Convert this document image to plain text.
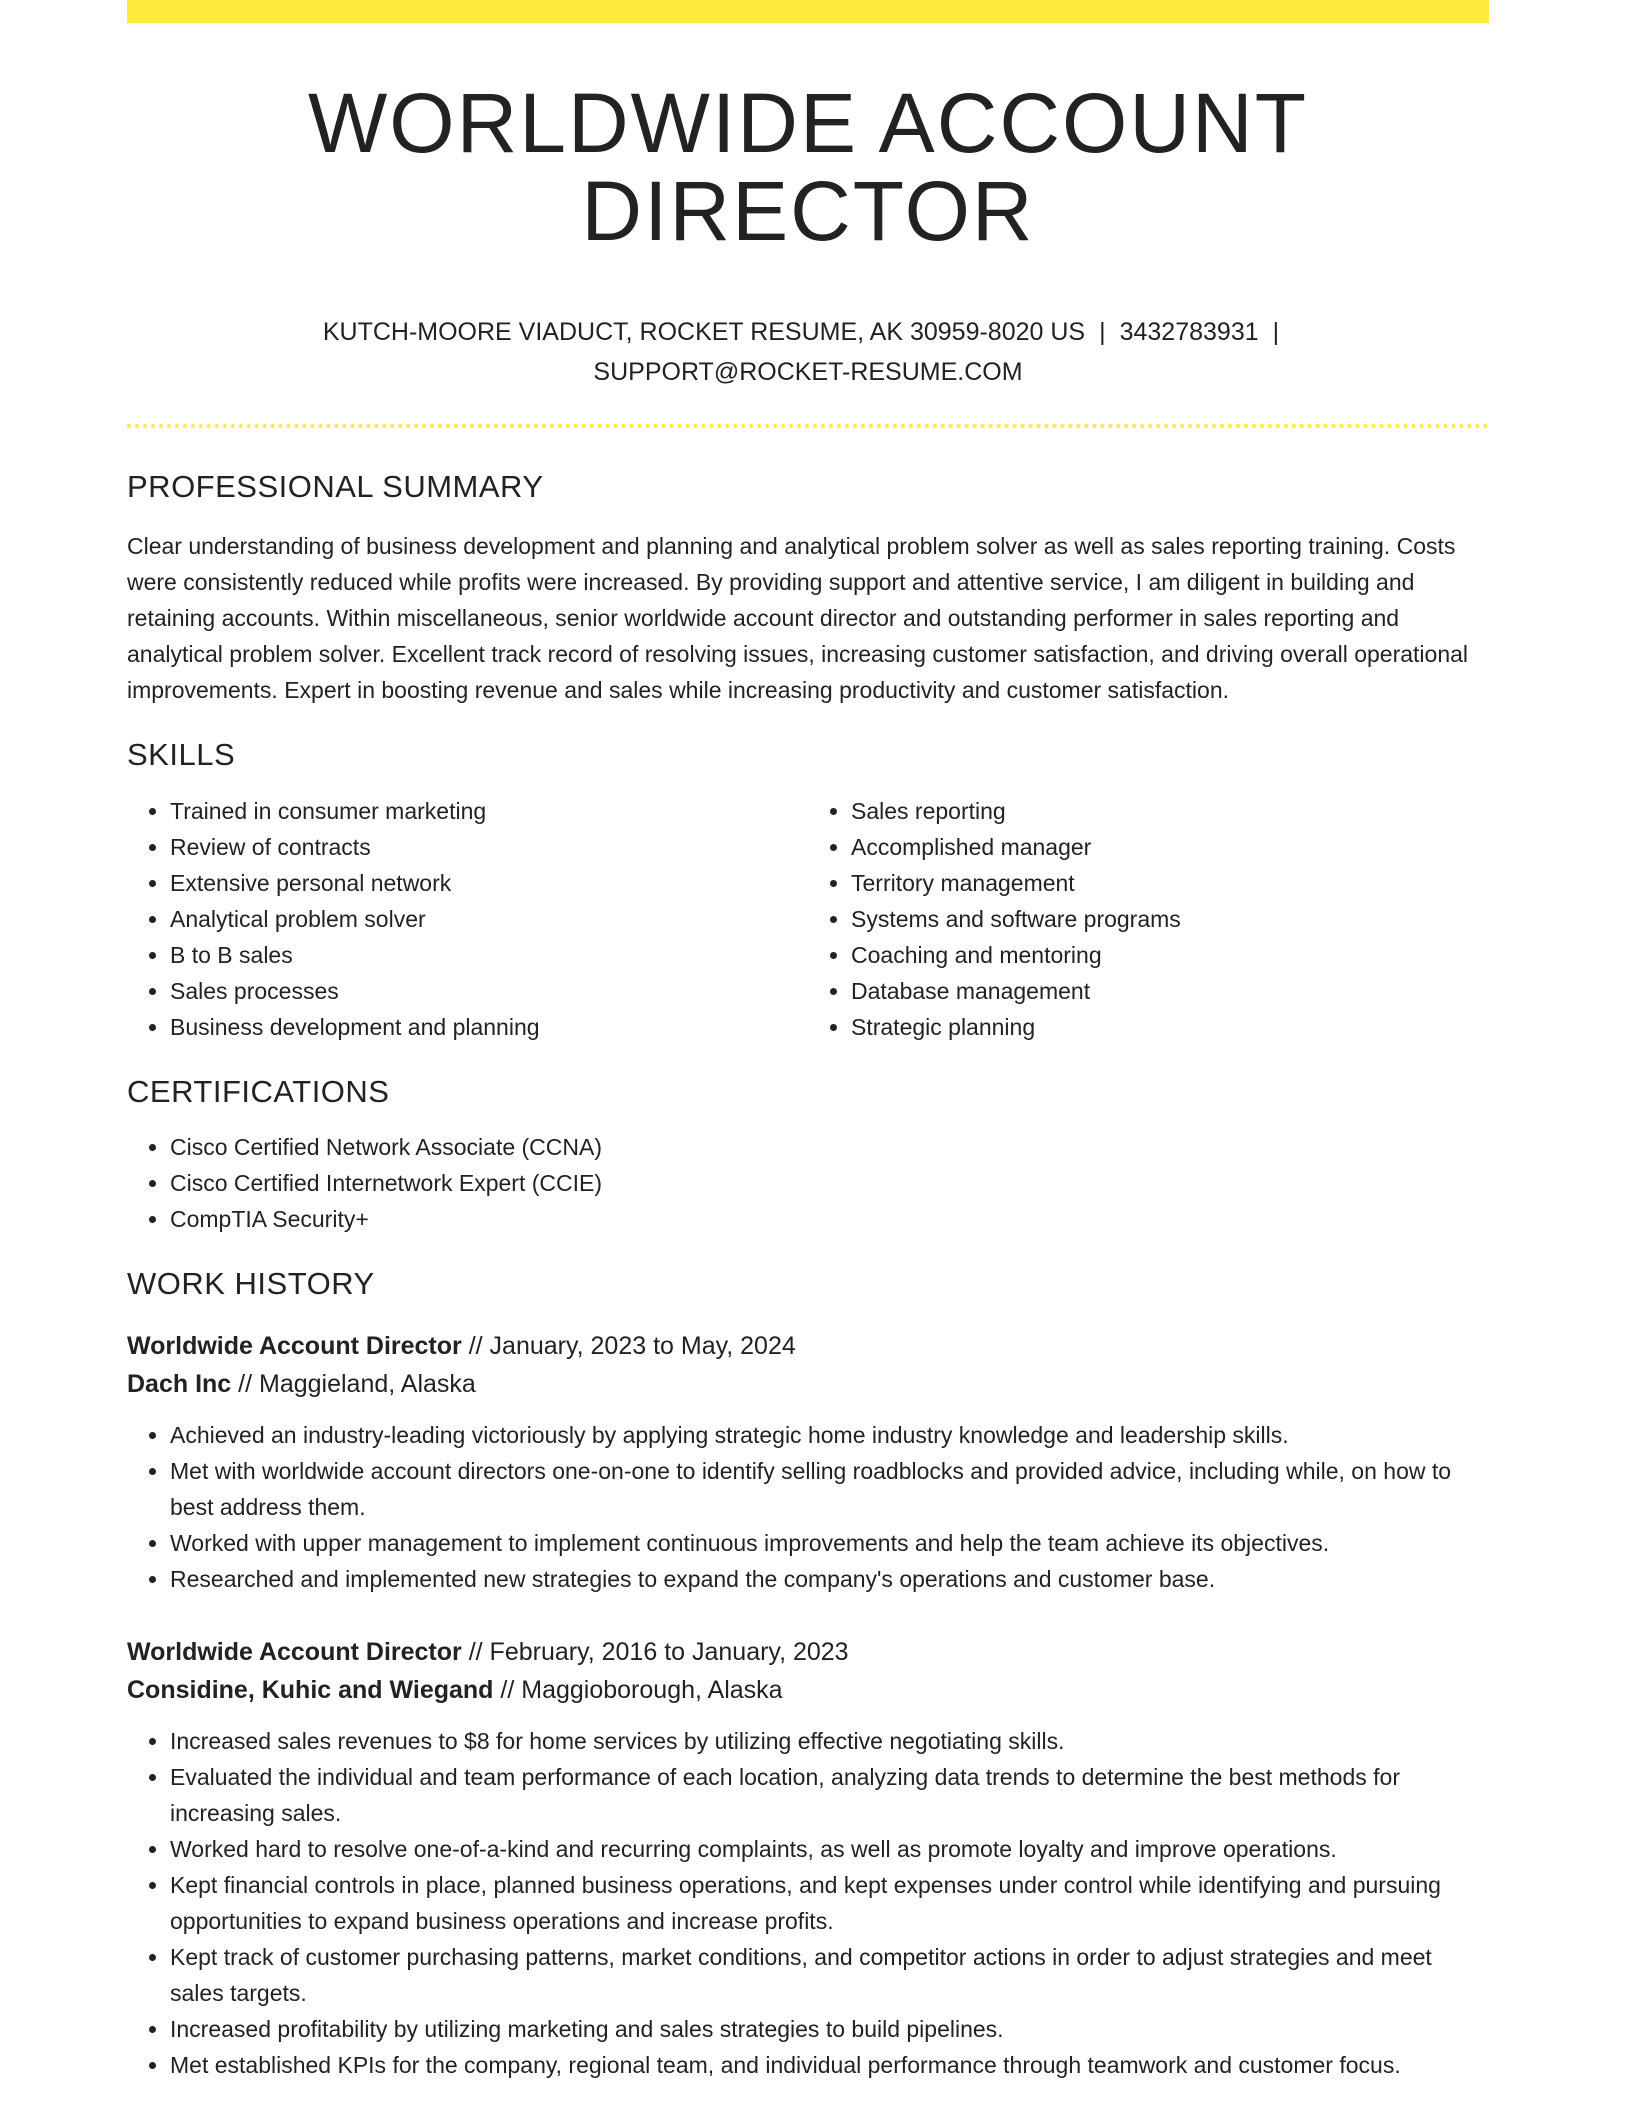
WORLDWIDE ACCOUNT DIRECTOR
KUTCH-MOORE VIADUCT, ROCKET RESUME, AK 30959-8020 US | 3432783931 |
SUPPORT@ROCKET-RESUME.COM
PROFESSIONAL SUMMARY

Clear understanding of business development and planning and analytical problem solver as well as sales reporting training. Costs were consistently reduced while profits were increased. By providing support and attentive service, I am diligent in building and retaining accounts. Within miscellaneous, senior worldwide account director and outstanding performer in sales reporting and analytical problem solver. Excellent track record of resolving issues, increasing customer satisfaction, and driving overall operational improvements. Expert in boosting revenue and sales while increasing productivity and customer satisfaction.

SKILLS
• Trained in consumer marketing
• Review of contracts
• Extensive personal network
• Analytical problem solver
• B to B sales
• Sales processes
• Business development and planning
• Sales reporting
• Accomplished manager
• Territory management
• Systems and software programs
• Coaching and mentoring
• Database management
• Strategic planning
CERTIFICATIONS
• Cisco Certified Network Associate (CCNA)
• Cisco Certified Internetwork Expert (CCIE)
• CompTIA Security+
WORK HISTORY
Worldwide Account Director // January, 2023 to May, 2024
Dach Inc // Maggieland, Alaska
• Achieved an industry-leading victoriously by applying strategic home industry knowledge and leadership skills.
• Met with worldwide account directors one-on-one to identify selling roadblocks and provided advice, including while, on how to best address them.
• Worked with upper management to implement continuous improvements and help the team achieve its objectives.
• Researched and implemented new strategies to expand the company's operations and customer base.
Worldwide Account Director // February, 2016 to January, 2023
Considine, Kuhic and Wiegand // Maggioborough, Alaska
• Increased sales revenues to $8 for home services by utilizing effective negotiating skills.
• Evaluated the individual and team performance of each location, analyzing data trends to determine the best methods for increasing sales.
• Worked hard to resolve one-of-a-kind and recurring complaints, as well as promote loyalty and improve operations.
• Kept financial controls in place, planned business operations, and kept expenses under control while identifying and pursuing opportunities to expand business operations and increase profits.
• Kept track of customer purchasing patterns, market conditions, and competitor actions in order to adjust strategies and meet sales targets.
• Increased profitability by utilizing marketing and sales strategies to build pipelines.
• Met established KPIs for the company, regional team, and individual performance through teamwork and customer focus.
